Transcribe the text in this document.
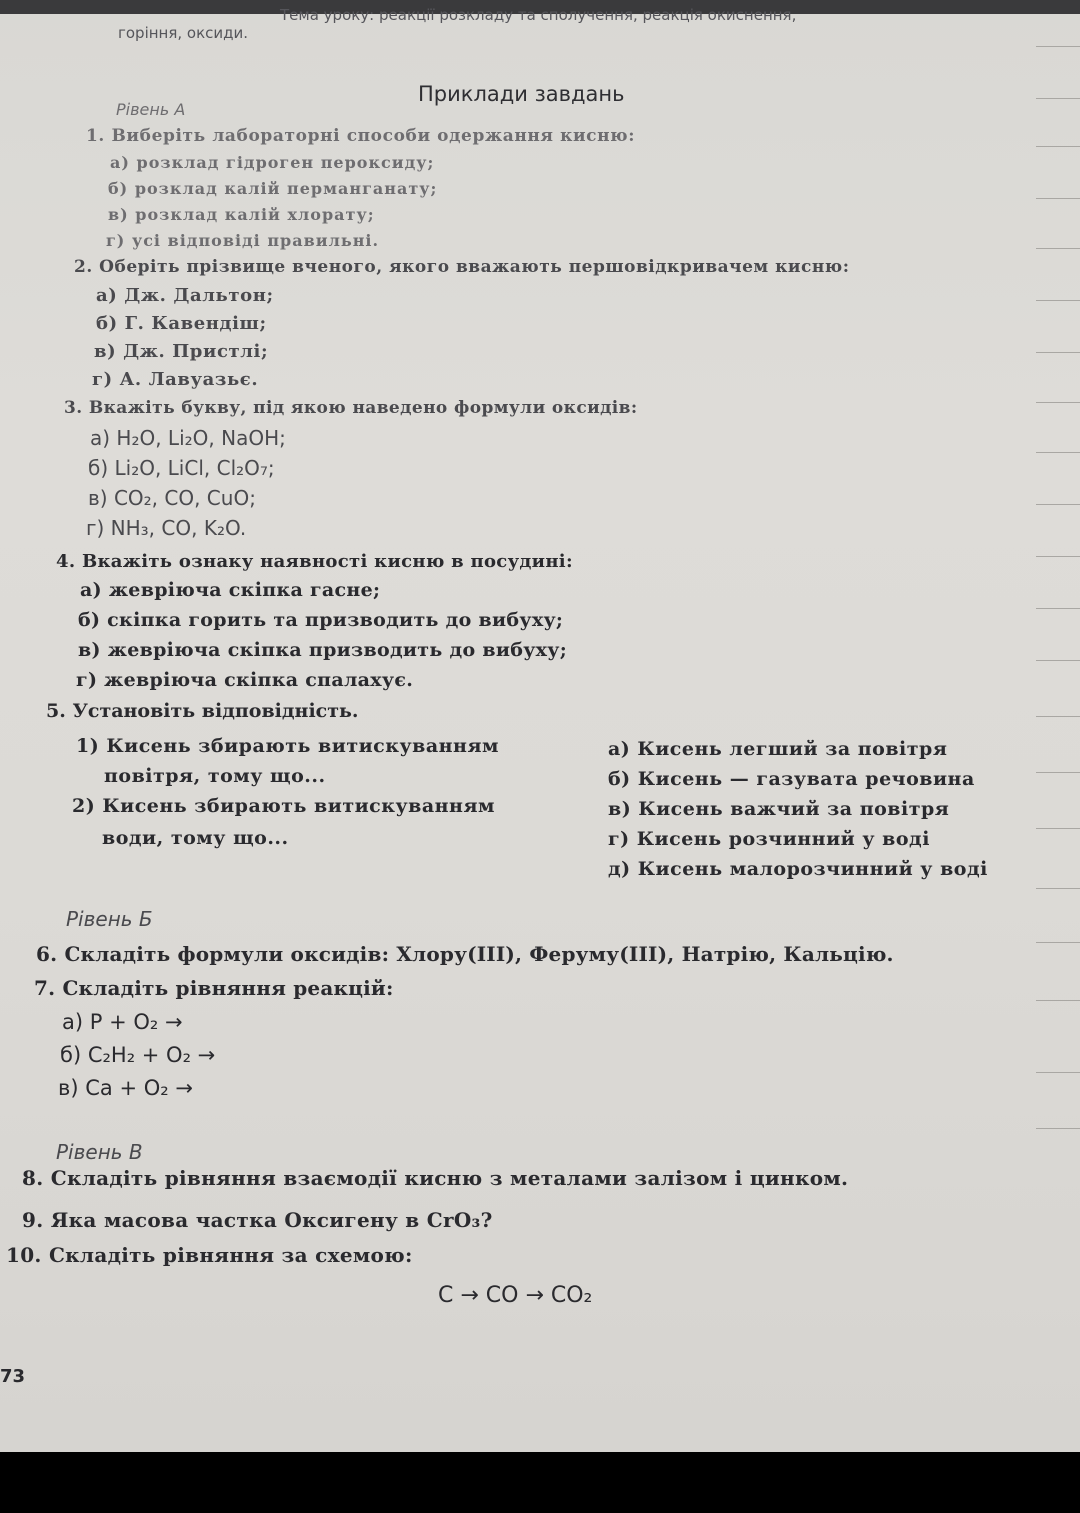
Тема уроку: реакції розкладу та сполучення, реакція окиснення,
горіння, оксиди.
Приклади завдань
Рівень А
1. Виберіть лабораторні способи одержання кисню:
а) розклад гідроген пероксиду;
б) розклад калій перманганату;
в) розклад калій хлорату;
г) усі відповіді правильні.
2. Оберіть прізвище вченого, якого вважають першовідкривачем кисню:
а) Дж. Дальтон;
б) Г. Кавендіш;
в) Дж. Пристлі;
г) А. Лавуазьє.
3. Вкажіть букву, під якою наведено формули оксидів:
а) H₂O, Li₂O, NaOH;
б) Li₂O, LiCl, Cl₂O₇;
в) CO₂, CO, CuO;
г) NH₃, CO, K₂O.
4. Вкажіть ознаку наявності кисню в посудині:
а) жевріюча скіпка гасне;
б) скіпка горить та призводить до вибуху;
в) жевріюча скіпка призводить до вибуху;
г) жевріюча скіпка спалахує.
5. Установіть відповідність.
1) Кисень збирають витискуванням
повітря, тому що...
2) Кисень збирають витискуванням
води, тому що...
а) Кисень легший за повітря
б) Кисень — газувата речовина
в) Кисень важчий за повітря
г) Кисень розчинний у воді
д) Кисень малорозчинний у воді
Рівень Б
6. Складіть формули оксидів: Хлору(III), Феруму(III), Натрію, Кальцію.
7. Складіть рівняння реакцій:
а) P + O₂ →
б) C₂H₂ + O₂ →
в) Ca + O₂ →
Рівень В
8. Складіть рівняння взаємодії кисню з металами залізом і цинком.
9. Яка масова частка Оксигену в CrO₃?
10. Складіть рівняння за схемою:
C → CO → CO₂
73
